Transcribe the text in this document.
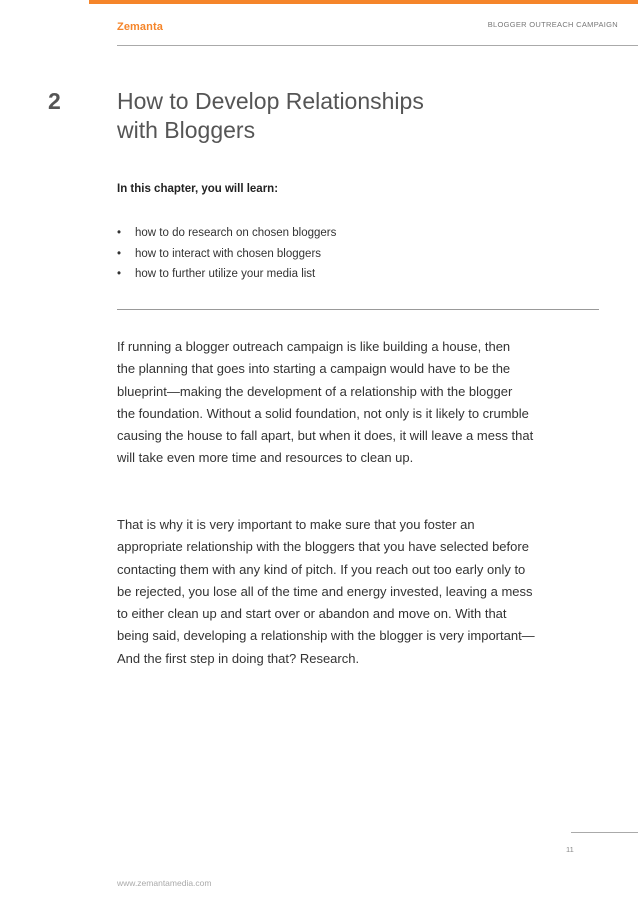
Zemanta	BLOGGER OUTREACH CAMPAIGN
2 How to Develop Relationships
with Bloggers
In this chapter, you will learn:
• how to do research on chosen bloggers
• how to interact with chosen bloggers
• how to further utilize your media list

If running a blogger outreach campaign is like building a house, then
the planning that goes into starting a campaign would have to be the
blueprint—making the development of a relationship with the blogger
the foundation. Without a solid foundation, not only is it likely to crumble
causing the house to fall apart, but when it does, it will leave a mess that
will take even more time and resources to clean up.

That is why it is very important to make sure that you foster an
appropriate relationship with the bloggers that you have selected before
contacting them with any kind of pitch. If you reach out too early only to
be rejected, you lose all of the time and energy invested, leaving a mess
to either clean up and start over or abandon and move on. With that
being said, developing a relationship with the blogger is very important—
And the first step in doing that? Research.

11
www.zemantamedia.com
